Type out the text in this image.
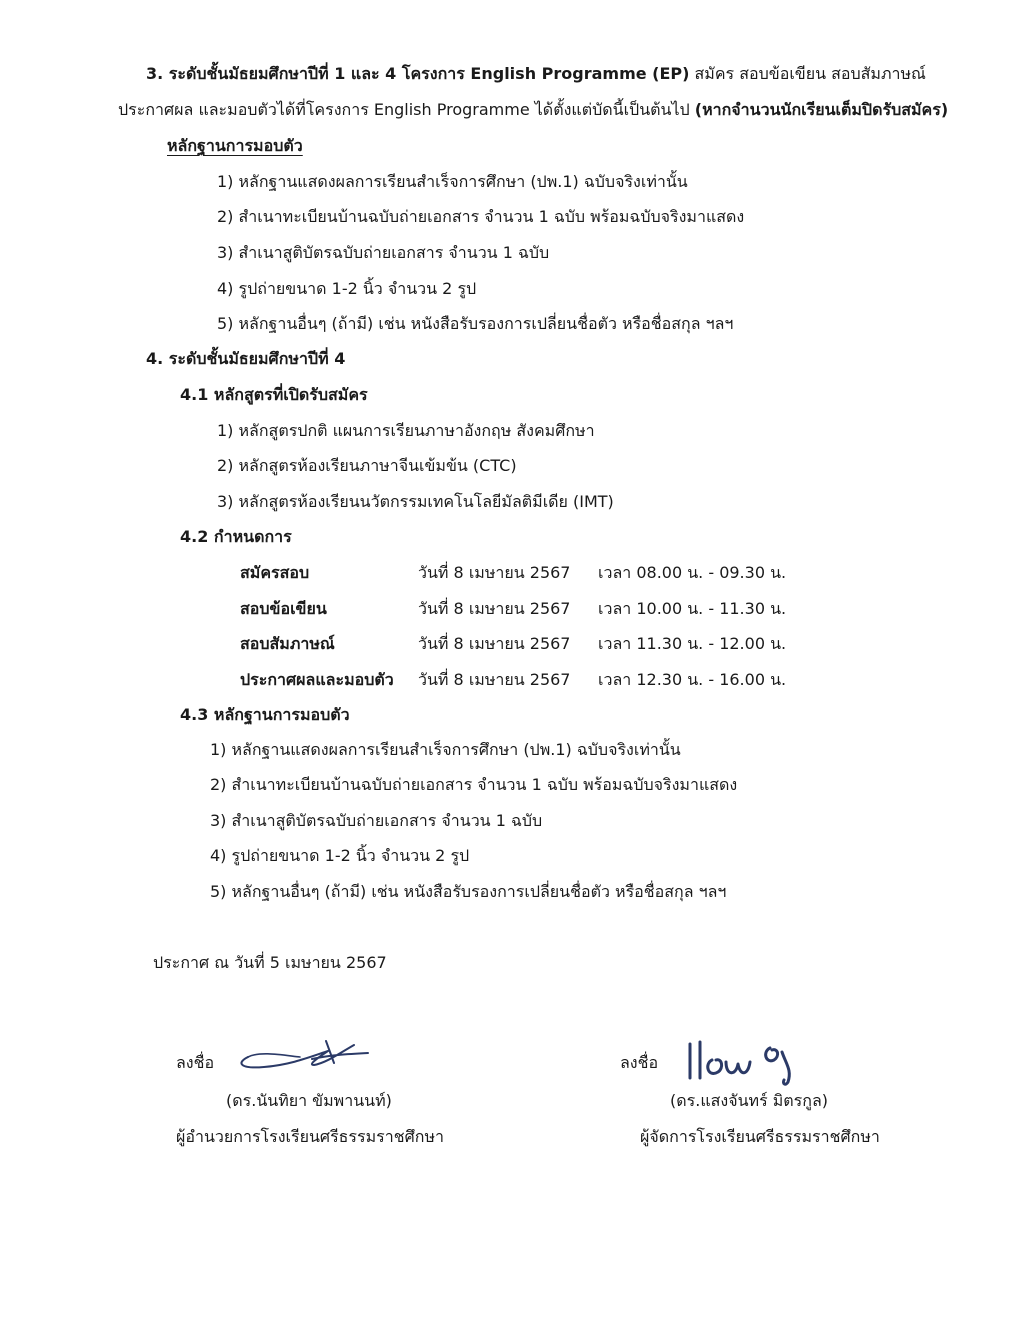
3. ระดับชั้นมัธยมศึกษาปีที่ 1 และ 4 โครงการ English Programme (EP) สมัคร สอบข้อเขียน สอบสัมภาษณ์
ประกาศผล และมอบตัวได้ที่โครงการ English Programme ได้ตั้งแต่บัดนี้เป็นต้นไป (หากจำนวนนักเรียนเต็มปิดรับสมัคร)
หลักฐานการมอบตัว
1) หลักฐานแสดงผลการเรียนสำเร็จการศึกษา (ปพ.1) ฉบับจริงเท่านั้น
2) สำเนาทะเบียนบ้านฉบับถ่ายเอกสาร จำนวน 1 ฉบับ พร้อมฉบับจริงมาแสดง
3) สำเนาสูติบัตรฉบับถ่ายเอกสาร จำนวน 1 ฉบับ
4) รูปถ่ายขนาด 1-2 นิ้ว จำนวน 2 รูป
5) หลักฐานอื่นๆ (ถ้ามี) เช่น หนังสือรับรองการเปลี่ยนชื่อตัว หรือชื่อสกุล ฯลฯ
4. ระดับชั้นมัธยมศึกษาปีที่ 4
4.1 หลักสูตรที่เปิดรับสมัคร
1) หลักสูตรปกติ แผนการเรียนภาษาอังกฤษ สังคมศึกษา
2) หลักสูตรห้องเรียนภาษาจีนเข้มข้น (CTC)
3) หลักสูตรห้องเรียนนวัตกรรมเทคโนโลยีมัลติมีเดีย (IMT)
4.2 กำหนดการ
สมัครสอบ	วันที่ 8 เมษายน 2567 เวลา 08.00 น. - 09.30 น.
สอบข้อเขียน	วันที่ 8 เมษายน 2567 เวลา 10.00 น. - 11.30 น.
สอบสัมภาษณ์	วันที่ 8 เมษายน 2567 เวลา 11.30 น. - 12.00 น.
ประกาศผลและมอบตัว วันที่ 8 เมษายน 2567 เวลา 12.30 น. - 16.00 น.
4.3 หลักฐานการมอบตัว
1) หลักฐานแสดงผลการเรียนสำเร็จการศึกษา (ปพ.1) ฉบับจริงเท่านั้น
2) สำเนาทะเบียนบ้านฉบับถ่ายเอกสาร จำนวน 1 ฉบับ พร้อมฉบับจริงมาแสดง
3) สำเนาสูติบัตรฉบับถ่ายเอกสาร จำนวน 1 ฉบับ
4) รูปถ่ายขนาด 1-2 นิ้ว จำนวน 2 รูป
5) หลักฐานอื่นๆ (ถ้ามี) เช่น หนังสือรับรองการเปลี่ยนชื่อตัว หรือชื่อสกุล ฯลฯ
ประกาศ ณ วันที่ 5 เมษายน 2567
ลงชื่อ
(ดร.นันทิยา ขัมพานนท์)
ผู้อำนวยการโรงเรียนศรีธรรมราชศึกษา
ลงชื่อ
(ดร.แสงจันทร์ มิตรกูล)
ผู้จัดการโรงเรียนศรีธรรมราชศึกษา
